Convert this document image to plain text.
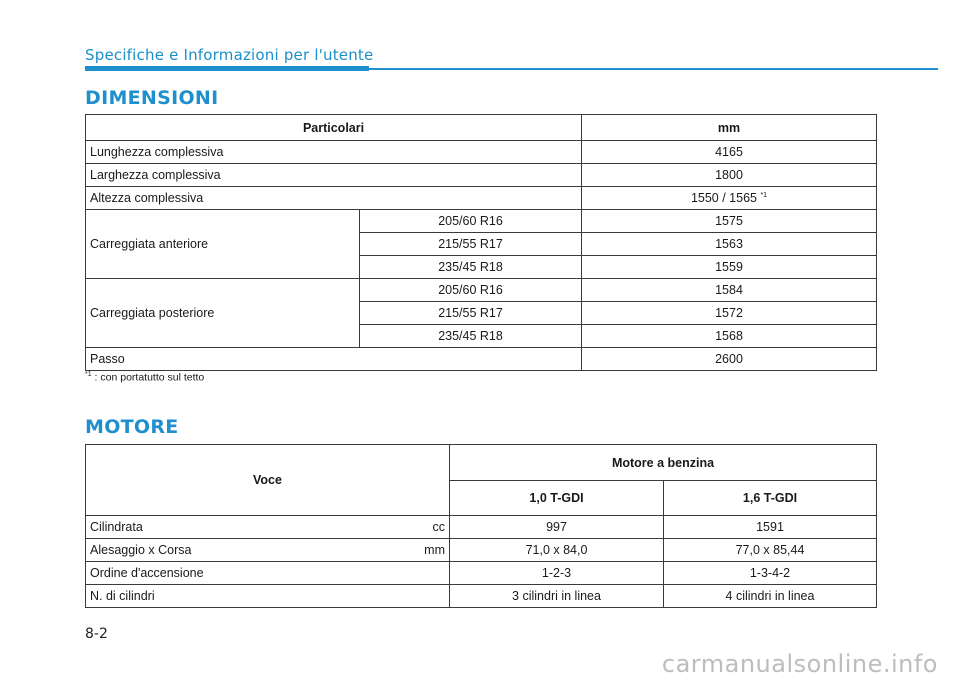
Specifiche e Informazioni per l'utente
DIMENSIONI
Particolari		mm
Lunghezza complessiva		4165
Larghezza complessiva		1800
Altezza complessiva		1550 / 1565 $^{*1}$
Carreggiata anteriore	205/60 R16	1575
	215/55 R17	1563
	235/45 R18	1559
Carreggiata posteriore	205/60 R16	1584
	215/55 R17	1572
	235/45 R18	1568
Passo		2600
$^{*1}$ : con portatutto sul tetto
MOTORE
Voce	Motore a benzina	
	1,0 T-GDI	1,6 T-GDI

Cilindrata cc	997	1591

Alesaggio x Corsa mm	71,0 x 84,0	77,0 x 85,44

Ordine d'accensione	1-2-3	1-3-4-2

N. di cilindri	3 cilindri in linea	4 cilindri in linea
8-2
carmanualsonline.info
